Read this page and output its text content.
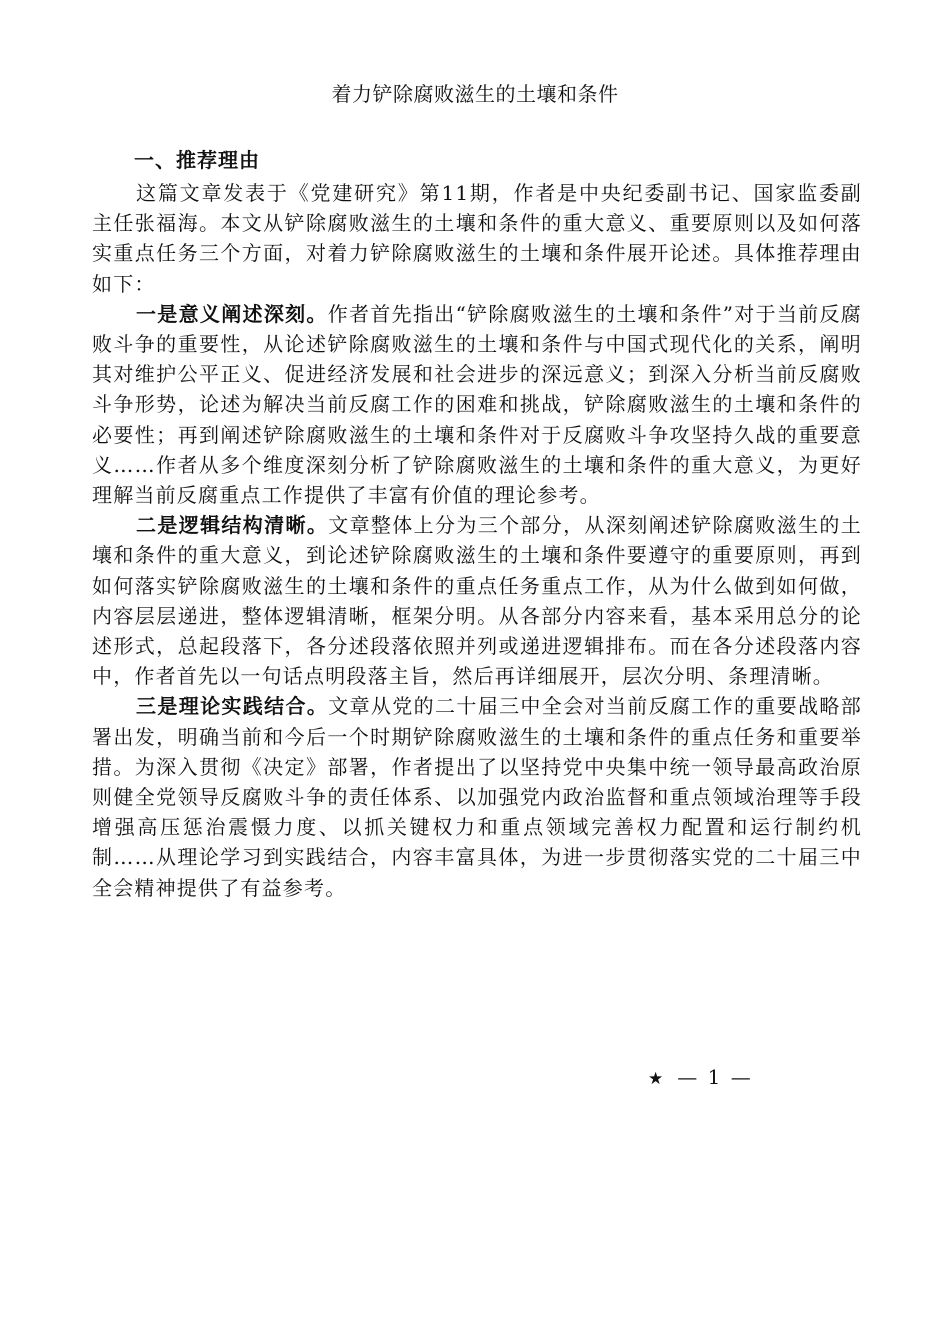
着力铲除腐败滋生的土壤和条件

一、推荐理由

这篇文章发表于《党建研究》第11期，作者是中央纪委副书记、国家监委副主任张福海。本文从铲除腐败滋生的土壤和条件的重大意义、重要原则以及如何落实重点任务三个方面，对着力铲除腐败滋生的土壤和条件展开论述。具体推荐理由如下：

一是意义阐述深刻。作者首先指出“铲除腐败滋生的土壤和条件”对于当前反腐败斗争的重要性，从论述铲除腐败滋生的土壤和条件与中国式现代化的关系，阐明其对维护公平正义、促进经济发展和社会进步的深远意义；到深入分析当前反腐败斗争形势，论述为解决当前反腐工作的困难和挑战，铲除腐败滋生的土壤和条件的必要性；再到阐述铲除腐败滋生的土壤和条件对于反腐败斗争攻坚持久战的重要意义……作者从多个维度深刻分析了铲除腐败滋生的土壤和条件的重大意义，为更好理解当前反腐重点工作提供了丰富有价值的理论参考。

二是逻辑结构清晰。文章整体上分为三个部分，从深刻阐述铲除腐败滋生的土壤和条件的重大意义，到论述铲除腐败滋生的土壤和条件要遵守的重要原则，再到如何落实铲除腐败滋生的土壤和条件的重点任务重点工作，从为什么做到如何做，内容层层递进，整体逻辑清晰，框架分明。从各部分内容来看，基本采用总分的论述形式，总起段落下，各分述段落依照并列或递进逻辑排布。而在各分述段落内容中，作者首先以一句话点明段落主旨，然后再详细展开，层次分明、条理清晰。

三是理论实践结合。文章从党的二十届三中全会对当前反腐工作的重要战略部署出发，明确当前和今后一个时期铲除腐败滋生的土壤和条件的重点任务和重要举措。为深入贯彻《决定》部署，作者提出了以坚持党中央集中统一领导最高政治原则健全党领导反腐败斗争的责任体系、以加强党内政治监督和重点领域治理等手段增强高压惩治震慑力度、以抓关键权力和重点领域完善权力配置和运行制约机制……从理论学习到实践结合，内容丰富具体，为进一步贯彻落实党的二十届三中全会精神提供了有益参考。

★ — 1 —
